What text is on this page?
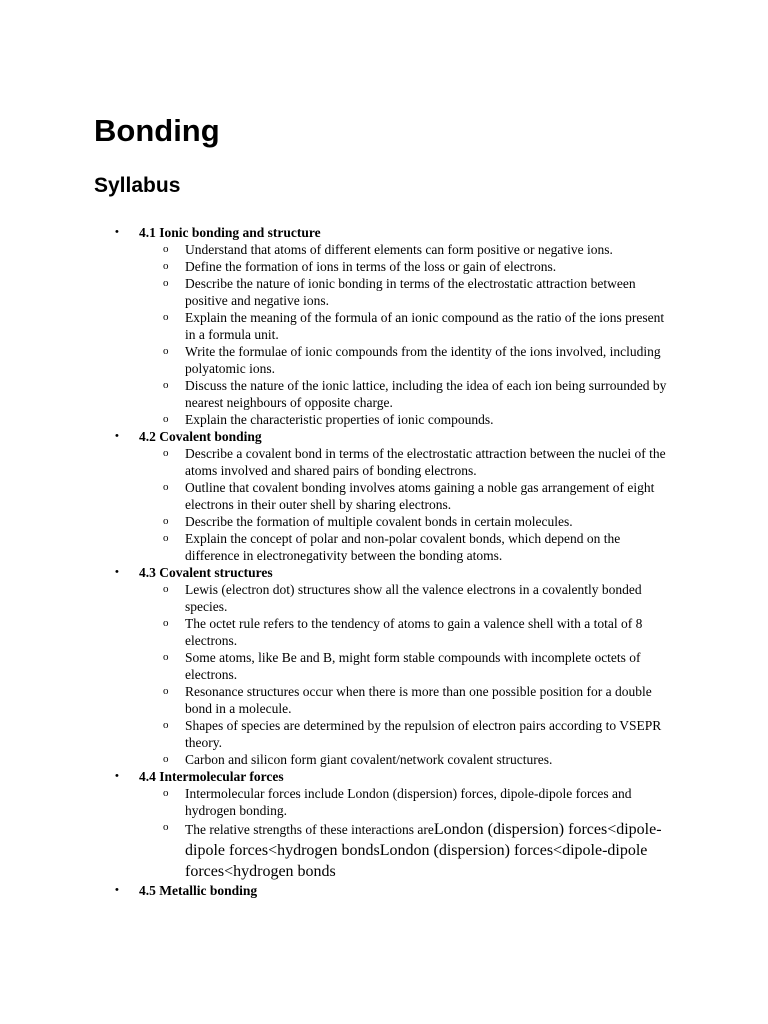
Bonding
Syllabus
• 4.1 Ionic bonding and structure
o Understand that atoms of different elements can form positive or negative ions.
o Define the formation of ions in terms of the loss or gain of electrons.
o Describe the nature of ionic bonding in terms of the electrostatic attraction between positive and negative ions.
o Explain the meaning of the formula of an ionic compound as the ratio of the ions present in a formula unit.
o Write the formulae of ionic compounds from the identity of the ions involved, including polyatomic ions.
o Discuss the nature of the ionic lattice, including the idea of each ion being surrounded by nearest neighbours of opposite charge.
o Explain the characteristic properties of ionic compounds.
• 4.2 Covalent bonding
o Describe a covalent bond in terms of the electrostatic attraction between the nuclei of the atoms involved and shared pairs of bonding electrons.
o Outline that covalent bonding involves atoms gaining a noble gas arrangement of eight electrons in their outer shell by sharing electrons.
o Describe the formation of multiple covalent bonds in certain molecules.
o Explain the concept of polar and non-polar covalent bonds, which depend on the difference in electronegativity between the bonding atoms.
• 4.3 Covalent structures
o Lewis (electron dot) structures show all the valence electrons in a covalently bonded species.
o The octet rule refers to the tendency of atoms to gain a valence shell with a total of 8 electrons.
o Some atoms, like Be and B, might form stable compounds with incomplete octets of electrons.
o Resonance structures occur when there is more than one possible position for a double bond in a molecule.
o Shapes of species are determined by the repulsion of electron pairs according to VSEPR theory.
o Carbon and silicon form giant covalent/network covalent structures.
• 4.4 Intermolecular forces
o Intermolecular forces include London (dispersion) forces, dipole-dipole forces and hydrogen bonding.
o The relative strengths of these interactions areLondon (dispersion) forces<dipole-dipole forces<hydrogen bondsLondon (dispersion) forces<dipole-dipole forces<hydrogen bonds
• 4.5 Metallic bonding
